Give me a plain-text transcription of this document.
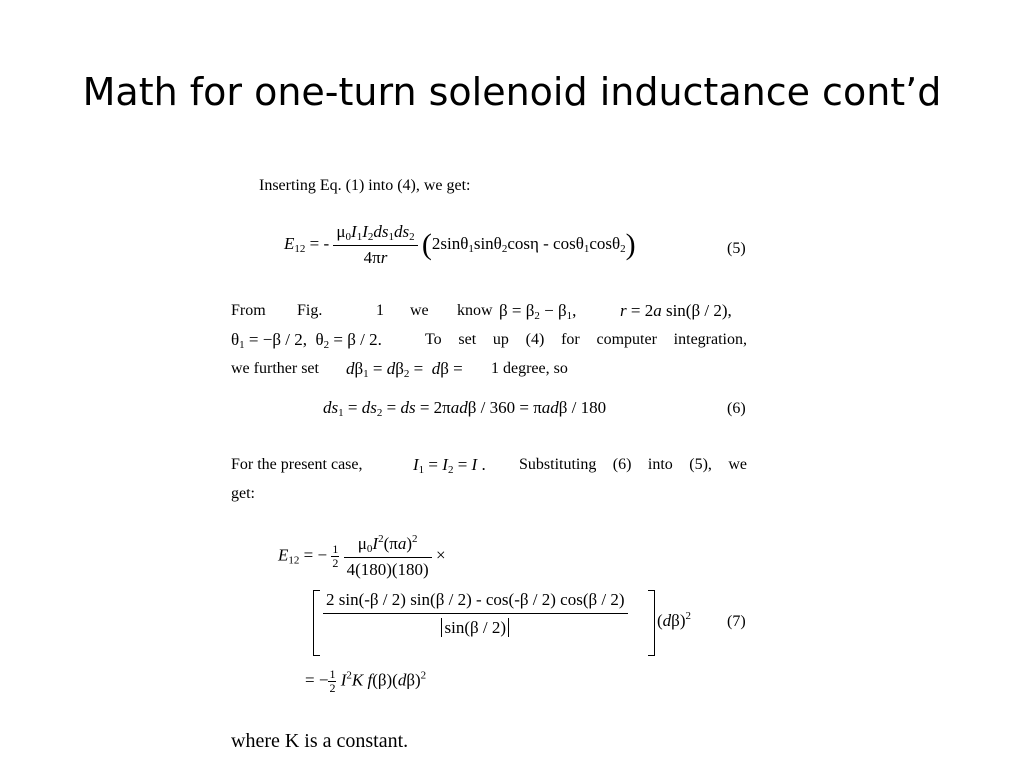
Math for one-turn solenoid inductance cont’d
Inserting Eq. (1) into (4), we get:
$E_{12}$ = - $\frac{\mu_0I_1I_2ds_1ds_2}{4\pi r} (2\sin\theta_1\sin\theta_2\cos\eta - \cos\theta_1\cos\theta_2)$	(5)
From Fig.	1 we know $\beta = \beta_2 - \beta_1$,	r = 2a sin(β / 2),
$\theta_1 = -\beta / 2$,  $\theta_2 = \beta / 2$.	To set up (4) for computer integration,
we further set $d\beta_1 = d\beta_2 = d\beta = 1$ degree, so
$ds_1 = ds_2$ = ds = 2πadβ / 360 = πadβ / 180	(6)
For the present case,	$I_1 = I_2 = I$ . Substituting (6) into (5), we
get:
$E_{12}$ = − $\frac{1}{2}$
$\frac{\mu_0I^2(\pi a)^2}{4(180)(180)}$ ×
$\frac{2 \sin(-\beta / 2) \sin(\beta / 2) - \cos(-\beta / 2) \cos(\beta / 2)}{\sin(\beta / 2)} (d\beta)^2$ (7)
= − $\frac{1}{2} I^2K$ $f(\beta)(d\beta)^2$
where K is a constant.
